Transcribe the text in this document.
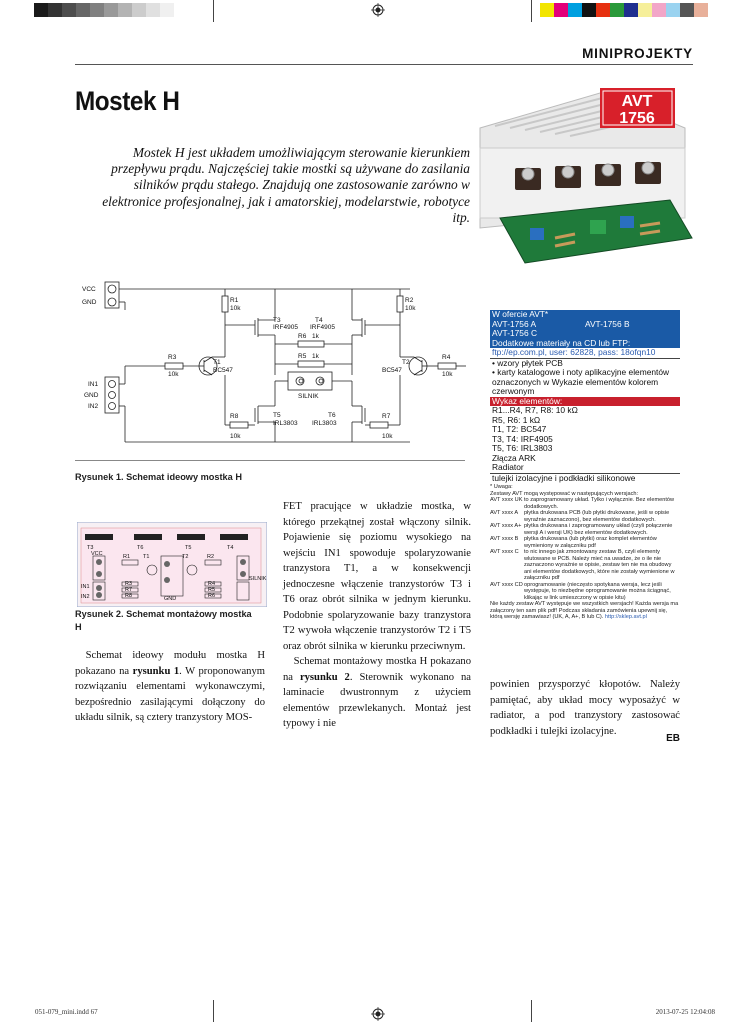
MINIPROJEKTY
Mostek H
Mostek H jest układem umożliwiającym sterowanie kierunkiem przepływu prądu. Najczęściej takie mostki są używane do zasilania silników prądu stałego. Znajdują one zastosowanie zarówno w elektronice profesjonalnej, jak i amatorskiej, modelarstwie, robotyce itp.
AVT
1756
VCC
GND
IN1
GND
IN2
R1
10k
R2
10k
R3
10k
R4
10k
R5 1k
R6 1k
R8
10k
R7
10k
T1
BC547
T2
BC547
T3
IRF4905
T4
IRF4905
T5
IRL3803
T6
IRL3803
SILNIK
Rysunek 1. Schemat ideowy mostka H
T3	T6	T5	T4
T1	T2
VCC	R1	R2
R3	R4
R7	R5
R8	R6
IN1
IN2	GND
SILNIK
Rysunek 2. Schemat montażowy mostka H

 Schemat ideowy modułu mostka H pokazano na rysunku 1. W proponowanym rozwiązaniu elementami wykonawczymi, bezpośrednio zasilającymi dołączony do układu silnik, są cztery tranzystory MOS-

FET pracujące w układzie mostka, w którego przekątnej został włączony silnik. Pojawienie się poziomu wysokiego na wejściu IN1 spowoduje spolaryzowanie tranzystora T1, a w konsekwencji jednoczesne włączenie tranzystorów T3 i T6 oraz obrót silnika w jednym kierunku. Podobnie spolaryzowanie bazy tranzystora T2 wywoła włączenie tranzystorów T2 i T5 oraz obrót silnika w kierunku przeciwnym.

 Schemat montażowy mostka H pokazano na rysunku 2. Sterownik wykonano na laminacie dwustronnym z użyciem elementów przewlekanych. Montaż jest typowy i nie

powinien przysporzyć kłopotów. Należy pamiętać, aby układ mocy wyposażyć w radiator, a pod tranzystory zastosować podkładki i tulejki izolacyjne.

EB
W ofercie AVT*
AVT-1756 A	AVT-1756 B
AVT-1756 C
Dodatkowe materiały na CD lub FTP:
ftp://ep.com.pl, user: 62828, pass: 18ofqn10
• wzory płytek PCB
• karty katalogowe i noty aplikacyjne elementów oznaczonych w Wykazie elementów kolorem czerwonym
Wykaz elementów:
R1...R4, R7, R8: 10 kΩ
R5, R6: 1 kΩ
T1, T2: BC547
T3, T4: IRF4905
T5, T6: IRL3803
Złącza ARK
Radiator
tulejki izolacyjne i podkładki silikonowe
* Uwaga:
Zestawy AVT mogą występować w następujących wersjach:
AVT xxxx UK to zaprogramowany układ. Tylko i wyłącznie. Bez elementów dodatkowych.
AVT xxxx A	płytka drukowana PCB (lub płytki drukowane, jeśli w opisie wyraźnie zaznaczono), bez elementów dodatkowych.
AVT xxxx A+ płytka drukowana i zaprogramowany układ (czyli połączenie wersji A i wersji UK) bez elementów dodatkowych.
AVT xxxx B	płytka drukowana (lub płytki) oraz komplet elementów wymieniony w załączniku pdf
AVT xxxx C to nic innego jak zmontowany zestaw B, czyli elementy wlutowane w PCB. Należy mieć na uwadze, że o ile nie zaznaczono wyraźnie w opisie, zestaw ten nie ma obudowy ani elementów dodatkowych, które nie zostały wymienione w załączniku pdf
AVT xxxx CD oprogramowanie (nieczęsto spotykana wersja, lecz jeśli występuje, to niezbędne oprogramowanie można ściągnąć, klikając w link umieszczony w opisie kitu)
Nie każdy zestaw AVT występuje we wszystkich wersjach! Każda wersja ma załączony ten sam plik pdf! Podczas składania zamówienia upewnij się, którą wersję zamawiasz! (UK, A, A+, B lub C). http://sklep.avt.pl
051-079_mini.indd 67	2013-07-25 12:04:08
